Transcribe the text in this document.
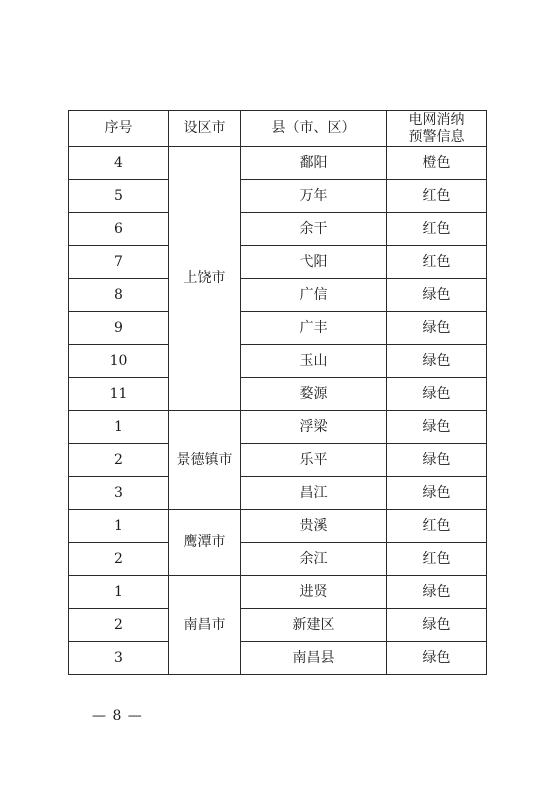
序号	设区市	县（市、区）	电网消纳
预警信息

4	上饶市	鄱阳	橙色
5		万年	红色
6		余干	红色
7		弋阳	红色
8		广信	绿色
9		广丰	绿色
10		玉山	绿色
11		婺源	绿色
1	景德镇市	浮梁	绿色
2		乐平	绿色
3		昌江	绿色
1	鹰潭市	贵溪	红色
2		余江	红色
1	南昌市	进贤	绿色
2		新建区	绿色
3		南昌县	绿色
— 8 —
